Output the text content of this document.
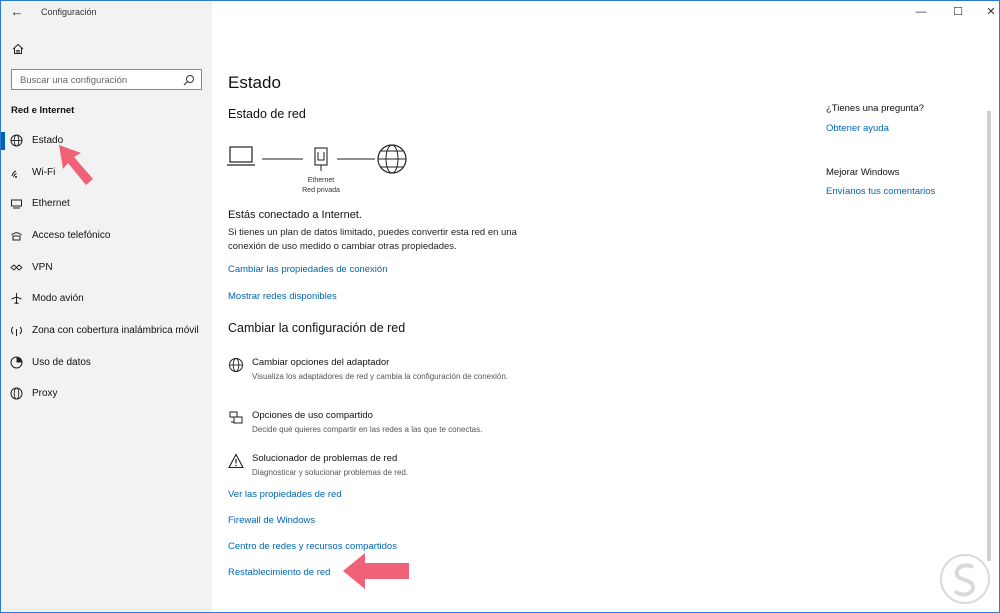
←	Configuración
Buscar una configuración
Red e Internet
Estado
Wi-Fi
Ethernet
Acceso telefónico
VPN
Modo avión
Zona con cobertura inalámbrica móvil
Uso de datos
Proxy
— ☐	✕
Estado
Estado de red
Ethernet
Red privada
Estás conectado a Internet.
Si tienes un plan de datos limitado, puedes convertir esta red en una conexión de uso medido o cambiar otras propiedades.
Cambiar las propiedades de conexión
Mostrar redes disponibles
Cambiar la configuración de red
Cambiar opciones del adaptador
Visualiza los adaptadores de red y cambia la configuración de conexión.
Opciones de uso compartido
Decide qué quieres compartir en las redes a las que te conectas.
Solucionador de problemas de red
Diagnosticar y solucionar problemas de red.
Ver las propiedades de red
Firewall de Windows
Centro de redes y recursos compartidos
Restablecimiento de red
¿Tienes una pregunta?
Obtener ayuda
Mejorar Windows
Envíanos tus comentarios
